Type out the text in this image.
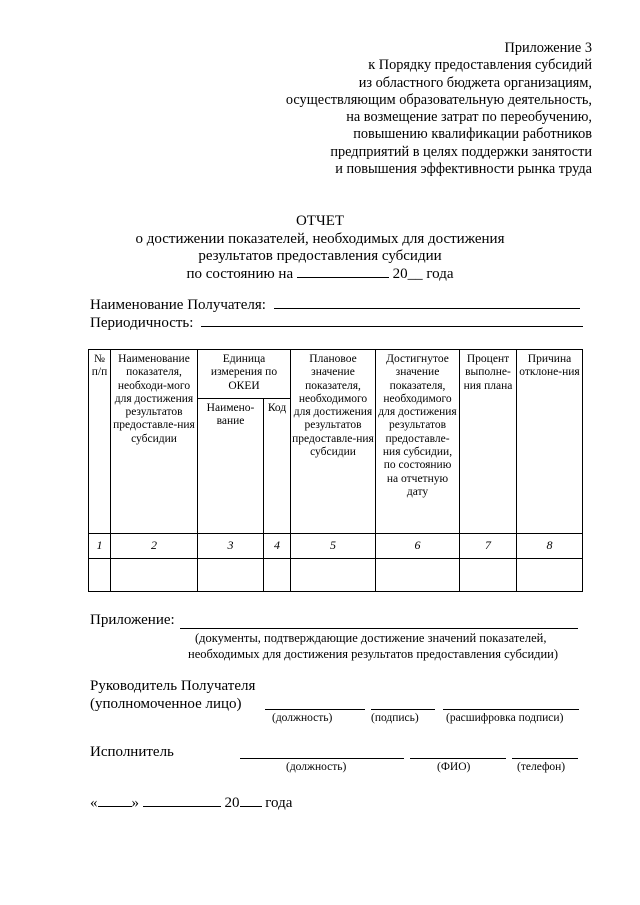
Приложение 3
к Порядку предоставления субсидий
из областного бюджета организациям,
осуществляющим образовательную деятельность,
на возмещение затрат по переобучению,
повышению квалификации работников
предприятий в целях поддержки занятости
и повышения эффективности рынка труда
ОТЧЕТ
о достижении показателей, необходимых для достижения
результатов предоставления субсидии
по состоянию на	20__ года
Наименование Получателя:
Периодичность:
№ п/п	Наименование показателя, необходи-мого для достижения результатов предоставле-ния субсидии	Единица измерения по ОКЕИ		Плановое значение показателя, необходимого для достижения результатов предоставле-ния субсидии	Достигнутое значение показателя, необходимого для достижения результатов предоставле-ния субсидии, по состоянию на отчетную дату	Процент выполне-ния плана	Причина отклоне-ния
		Наимено-вание	Код				
1	2	3	4	5	6	7	8

Приложение:
(документы, подтверждающие достижение значений показателей,
необходимых для достижения результатов предоставления субсидии)
Руководитель Получателя
(уполномоченное лицо)
(должность)	(подпись) (расшифровка подписи)
Исполнитель
(должность)	(ФИО)	(телефон)
« »	20 года
